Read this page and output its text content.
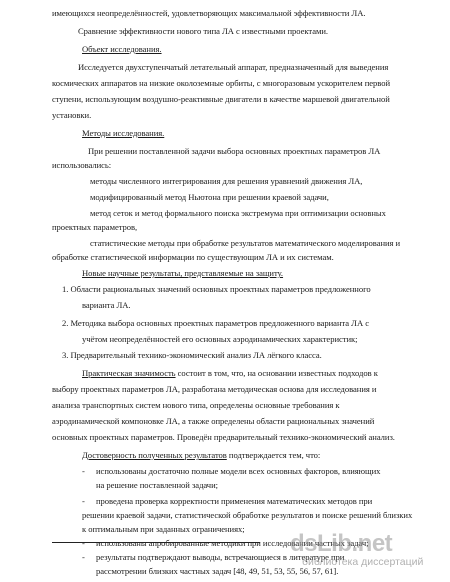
имеющихся неопределённостей, удовлетворяющих максимальной эффективности ЛА.
Сравнение эффективности нового типа ЛА с известными проектами.
Объект исследования.
Исследуется двухступенчатый летательный аппарат, предназначенный для выведения
космических аппаратов на низкие околоземные орбиты, с многоразовым ускорителем первой
ступени, использующим воздушно-реактивные двигатели в качестве маршевой двигательной
установки.
Методы исследования.
При решении поставленной задачи выбора основных проектных параметров ЛА
использовались:
методы численного интегрирования для решения уравнений движения ЛА,
модифицированный метод Ньютона при решении краевой задачи,
метод сеток и метод формального поиска экстремума при оптимизации основных
проектных параметров,
статистические методы при обработке результатов математического моделирования и
обработке статистической информации по существующим ЛА и их системам.
Новые научные результаты, представляемые на защиту.
1. Области рациональных значений основных проектных параметров предложенного
варианта ЛА.
2. Методика выбора основных проектных параметров предложенного варианта ЛА с
учётом неопределённостей его основных аэродинамических характеристик;
3. Предварительный технико-экономический анализ ЛА лёгкого класса.
Практическая значимость состоит в том, что, на основании известных подходов к
выбору проектных параметров ЛА, разработана методическая основа для исследования и
анализа транспортных систем нового типа, определены основные требования к
аэродинамической компоновке ЛА, а также определены области рациональных значений
основных проектных параметров. Проведён предварительный технико-экономический анализ.
Достоверность полученных результатов подтверждается тем, что:
- использованы достаточно полные модели всех основных факторов, влияющих
на решение поставленной задачи;
- проведена проверка корректности применения математических методов при
решении краевой задачи, статистической обработке результатов и поиске решений близких
к оптимальным при заданных ограничениях;
- использованы апробированные методики при исследовании частных задач;
- результаты подтверждают выводы, встречающиеся в литературе при
рассмотрении близких частных задач [48, 49, 51, 53, 55, 56, 57, 61].
dsLib.net
библиотека диссертаций
